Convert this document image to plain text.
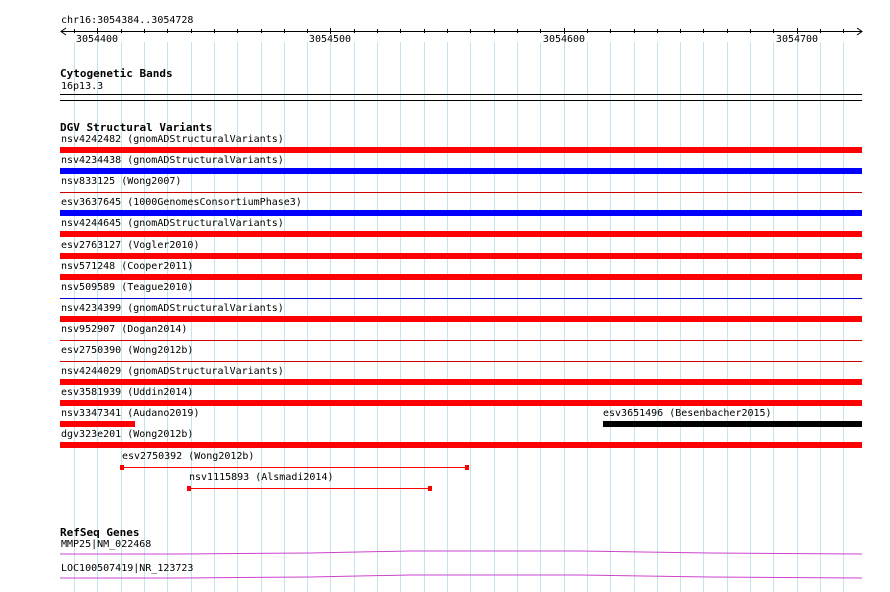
chr16:3054384..3054728
3054400	3054500	3054600	3054700
Cytogenetic Bands
16p13.3
DGV Structural Variants
nsv4242482 (gnomADStructuralVariants)
nsv4234438 (gnomADStructuralVariants)
nsv833125 (Wong2007)
esv3637645 (1000GenomesConsortiumPhase3)
nsv4244645 (gnomADStructuralVariants)
esv2763127 (Vogler2010)
nsv571248 (Cooper2011)
nsv509589 (Teague2010)
nsv4234399 (gnomADStructuralVariants)
nsv952907 (Dogan2014)
esv2750390 (Wong2012b)
nsv4244029 (gnomADStructuralVariants)
esv3581939 (Uddin2014)
nsv3347341 (Audano2019)
dgv323e201 (Wong2012b)
esv2750392 (Wong2012b)
nsv1115893 (Alsmadi2014)
esv3651496 (Besenbacher2015)
RefSeq Genes
MMP25|NM_022468
LOC100507419|NR_123723
